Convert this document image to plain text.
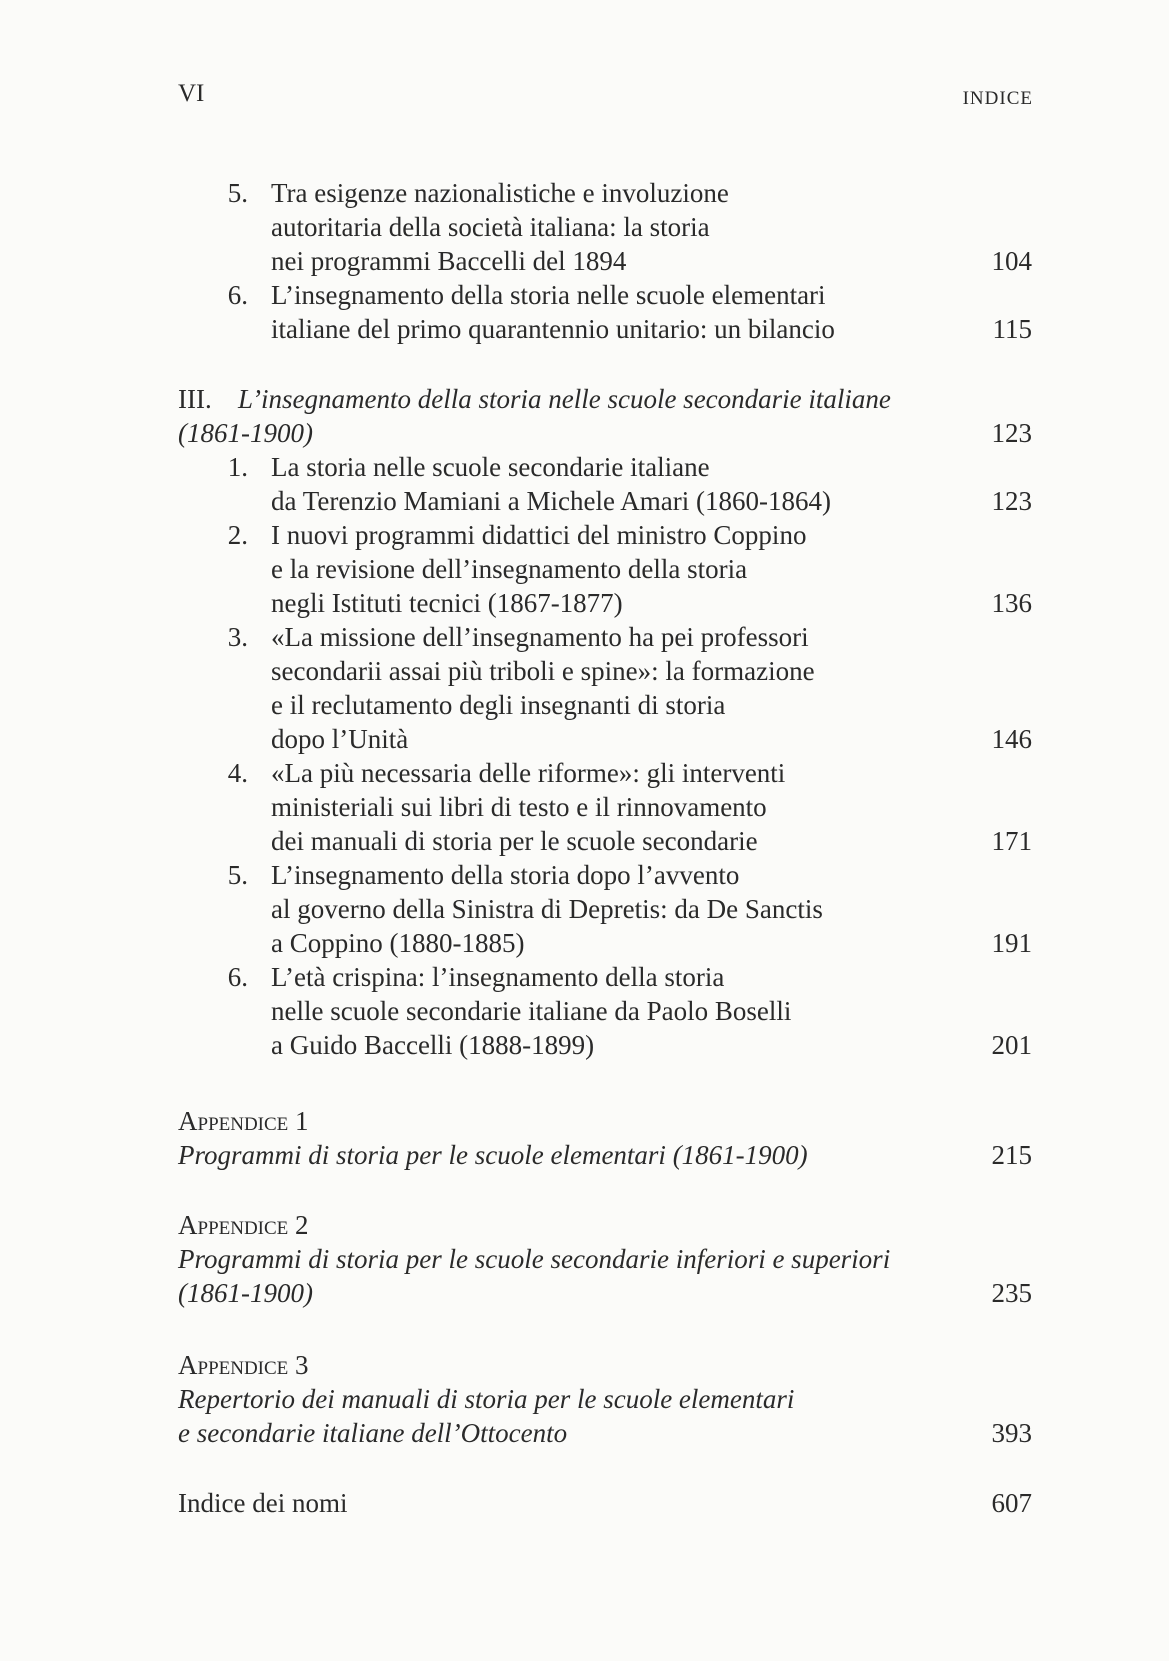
VI	INDICE
5. Tra esigenze nazionalistiche e involuzione
autoritaria della società italiana: la storia
nei programmi Baccelli del 1894	104
6. L’insegnamento della storia nelle scuole elementari
italiane del primo quarantennio unitario: un bilancio	115
III. L’insegnamento della storia nelle scuole secondarie italiane
(1861-1900)	123
1. La storia nelle scuole secondarie italiane
da Terenzio Mamiani a Michele Amari (1860-1864)	123
2. I nuovi programmi didattici del ministro Coppino
e la revisione dell’insegnamento della storia
negli Istituti tecnici (1867-1877)	136
3. «La missione dell’insegnamento ha pei professori
secondarii assai più triboli e spine»: la formazione
e il reclutamento degli insegnanti di storia
dopo l’Unità	146
4. «La più necessaria delle riforme»: gli interventi
ministeriali sui libri di testo e il rinnovamento
dei manuali di storia per le scuole secondarie	171
5. L’insegnamento della storia dopo l’avvento
al governo della Sinistra di Depretis: da De Sanctis
a Coppino (1880-1885)	191
6. L’età crispina: l’insegnamento della storia
nelle scuole secondarie italiane da Paolo Boselli
a Guido Baccelli (1888-1899)	201
Appendice 1
Programmi di storia per le scuole elementari (1861-1900)	215
Appendice 2
Programmi di storia per le scuole secondarie inferiori e superiori
(1861-1900)	235
Appendice 3
Repertorio dei manuali di storia per le scuole elementari
e secondarie italiane dell’Ottocento	393
Indice dei nomi	607
